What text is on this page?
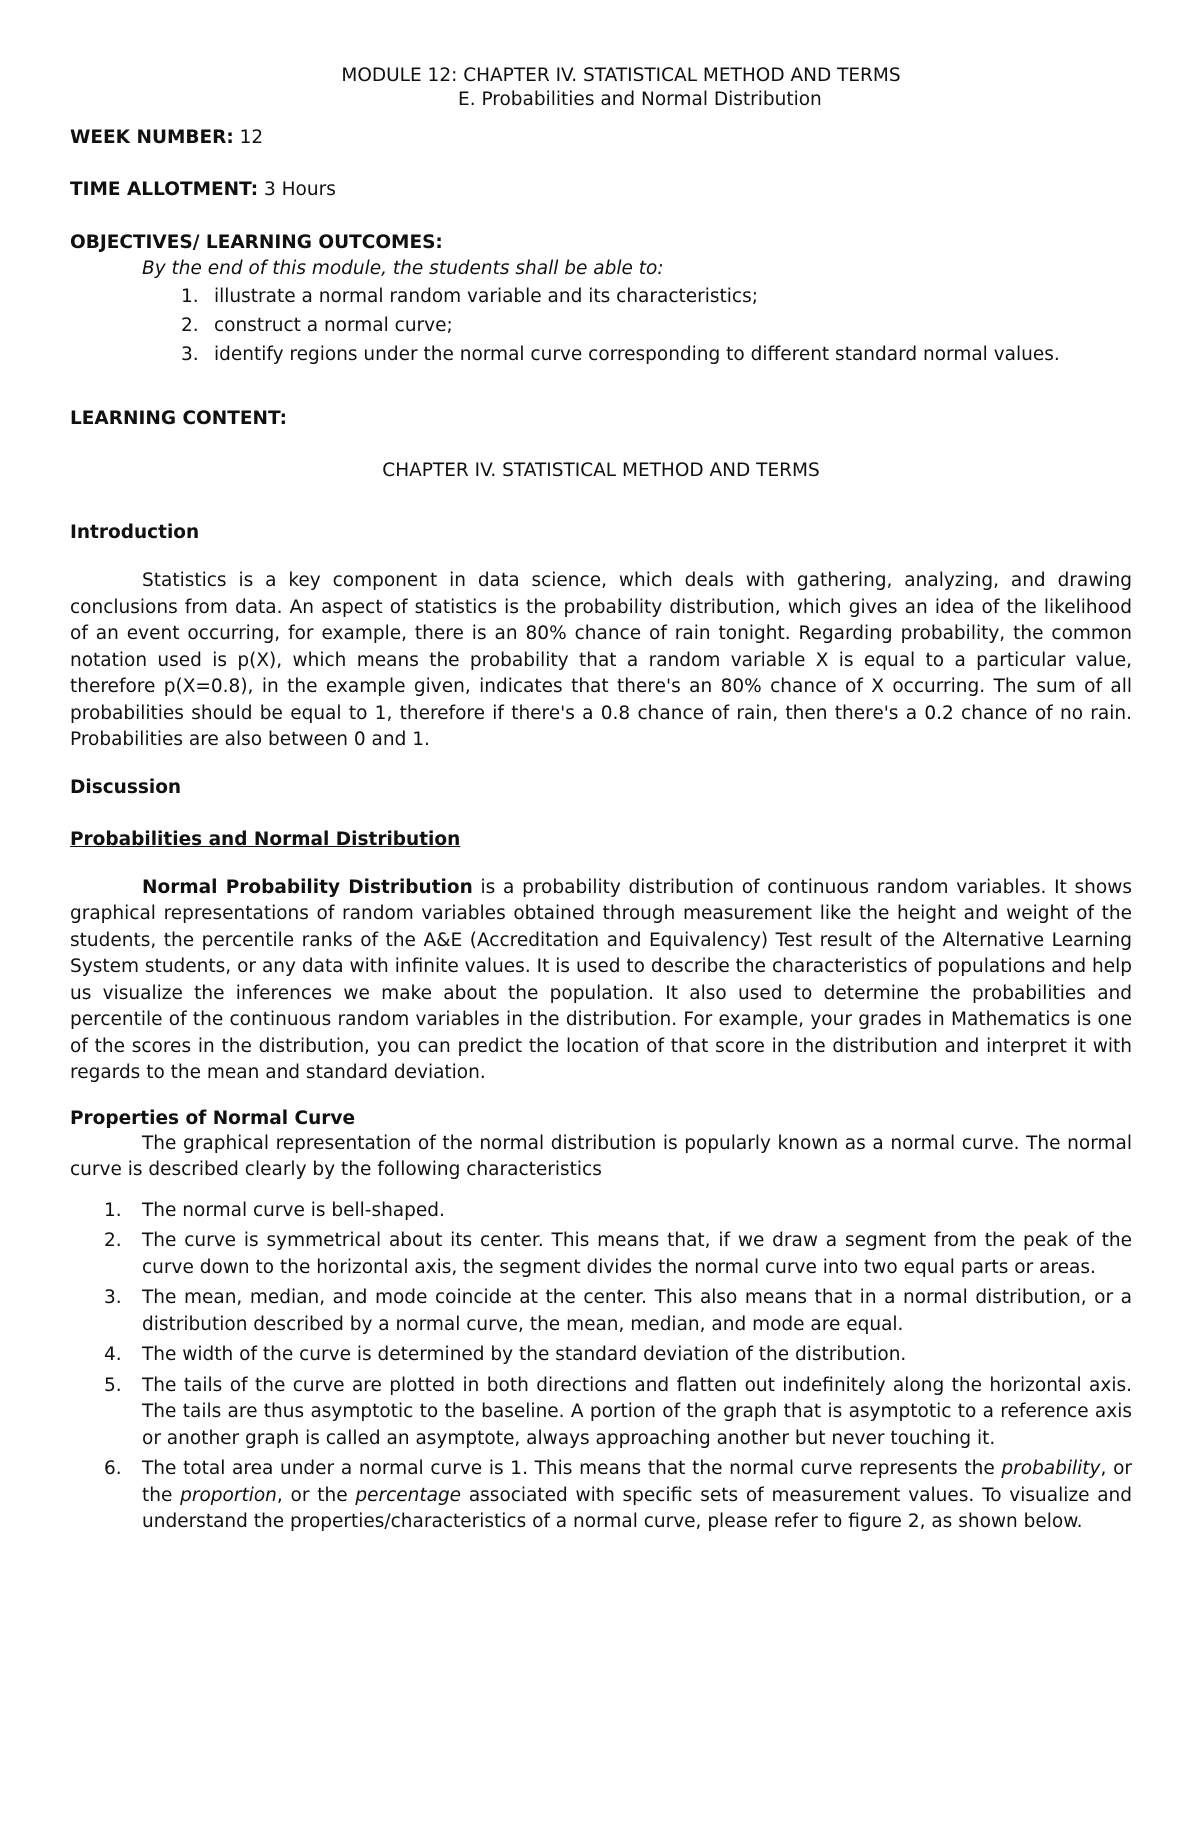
MODULE 12: CHAPTER IV. STATISTICAL METHOD AND TERMS

E. Probabilities and Normal Distribution

WEEK NUMBER: 12

TIME ALLOTMENT: 3 Hours

OBJECTIVES/ LEARNING OUTCOMES:

By the end of this module, the students shall be able to:

1. illustrate a normal random variable and its characteristics;
2. construct a normal curve;
3. identify regions under the normal curve corresponding to different standard normal values.

LEARNING CONTENT:

CHAPTER IV. STATISTICAL METHOD AND TERMS

Introduction

Statistics is a key component in data science, which deals with gathering, analyzing, and drawing conclusions from data. An aspect of statistics is the probability distribution, which gives an idea of the likelihood of an event occurring, for example, there is an 80% chance of rain tonight. Regarding probability, the common notation used is p(X), which means the probability that a random variable X is equal to a particular value, therefore p(X=0.8), in the example given, indicates that there's an 80% chance of X occurring. The sum of all probabilities should be equal to 1, therefore if there's a 0.8 chance of rain, then there's a 0.2 chance of no rain. Probabilities are also between 0 and 1.

Discussion

Probabilities and Normal Distribution

Normal Probability Distribution is a probability distribution of continuous random variables. It shows graphical representations of random variables obtained through measurement like the height and weight of the students, the percentile ranks of the A&E (Accreditation and Equivalency) Test result of the Alternative Learning System students, or any data with infinite values. It is used to describe the characteristics of populations and help us visualize the inferences we make about the population. It also used to determine the probabilities and percentile of the continuous random variables in the distribution. For example, your grades in Mathematics is one of the scores in the distribution, you can predict the location of that score in the distribution and interpret it with regards to the mean and standard deviation.

Properties of Normal Curve

The graphical representation of the normal distribution is popularly known as a normal curve. The normal curve is described clearly by the following characteristics

1.	The normal curve is bell-shaped.
2.	The curve is symmetrical about its center. This means that, if we draw a segment from the peak of the curve down to the horizontal axis, the segment divides the normal curve into two equal parts or areas.
3.	The mean, median, and mode coincide at the center. This also means that in a normal distribution, or a distribution described by a normal curve, the mean, median, and mode are equal.
4.	The width of the curve is determined by the standard deviation of the distribution.
5.	The tails of the curve are plotted in both directions and flatten out indefinitely along the horizontal axis. The tails are thus asymptotic to the baseline. A portion of the graph that is asymptotic to a reference axis or another graph is called an asymptote, always approaching another but never touching it.
6.	The total area under a normal curve is 1. This means that the normal curve represents the probability, or the proportion, or the percentage associated with specific sets of measurement values. To visualize and understand the properties/characteristics of a normal curve, please refer to figure 2, as shown below.
